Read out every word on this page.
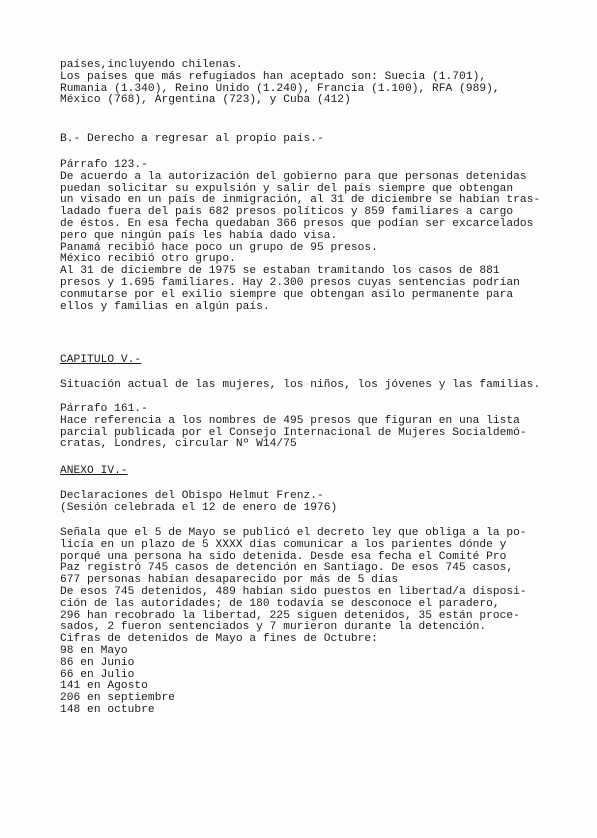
países,incluyendo chilenas.
Los países que más refugiados han aceptado son: Suecia (1.701),
Rumania (1.340), Reino Unido (1.240), Francia (1.100), RFA (989),
México (768), Argentina (723), y Cuba (412)
B.- Derecho a regresar al propio país.-
Párrafo 123.-
De acuerdo a la autorización del gobierno para que personas detenidas
puedan solicitar su expulsión y salir del país siempre que obtengan
un visado en un país de inmigración, al 31 de diciembre se habían tras-
ladado fuera del país 682 presos políticos y 859 familiares a cargo
de éstos. En esa fecha quedaban 366 presos que podían ser excarcelados
pero que ningún país les había dado visa.
Panamá recibió hace poco un grupo de 95 presos.
México recibió otro grupo.
Al 31 de diciembre de 1975 se estaban tramitando los casos de 881
presos y 1.695 familiares. Hay 2.300 presos cuyas sentencias podrían
conmutarse por el exilio siempre que obtengan asilo permanente para
ellos y familias en algún país.
CAPITULO V.-
Situación actual de las mujeres, los niños, los jóvenes y las familias.
Párrafo 161.-
Hace referencia a los nombres de 495 presos que figuran en una lista
parcial publicada por el Consejo Internacional de Mujeres Socialdemó-
cratas, Londres, circular Nº W14/75
ANEXO IV.-
Declaraciones del Obispo Helmut Frenz.-
(Sesión celebrada el 12 de enero de 1976)
Señala que el 5 de Mayo se publicó el decreto ley que obliga a la po-
licía en un plazo de 5 XXXX días comunicar a los parientes dónde y
porqué una persona ha sido detenida. Desde esa fecha el Comité Pro
Paz registró 745 casos de detención en Santiago. De esos 745 casos,
677 personas habían desaparecido por más de 5 días
De esos 745 detenidos, 489 habían sido puestos en libertad/a disposi-
ción de las autoridades; de 180 todavía se desconoce el paradero,
296 han recobrado la libertad, 225 siguen detenidos, 35 están proce-
sados, 2 fueron sentenciados y 7 murieron durante la detención.
Cifras de detenidos de Mayo a fines de Octubre:
98 en Mayo
86 en Junio
66 en Julio
141 en Agosto
206 en septiembre
148 en octubre
